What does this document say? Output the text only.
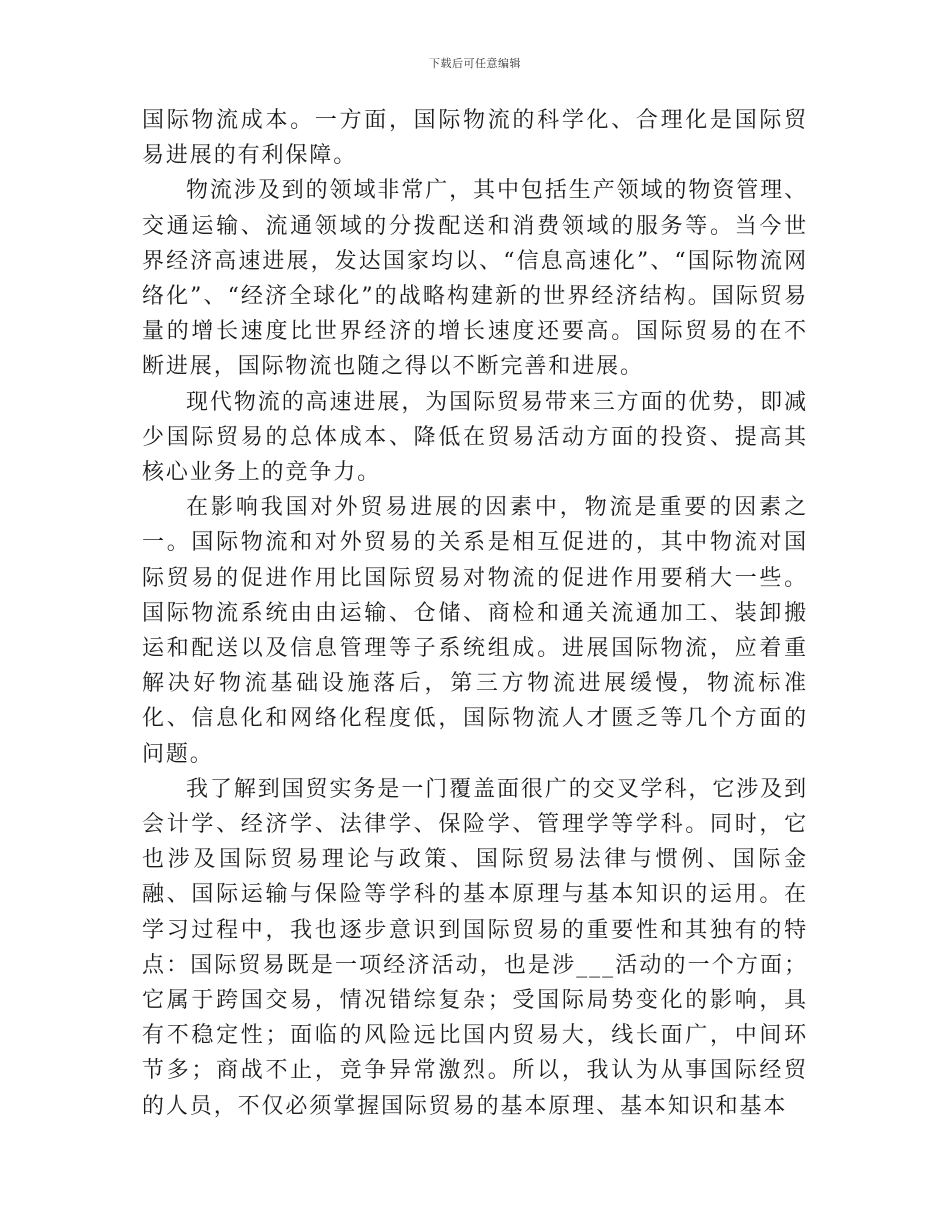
下载后可任意编辑

国际物流成本。一方面，国际物流的科学化、合理化是国际贸易进展的有利保障。

物流涉及到的领域非常广，其中包括生产领域的物资管理、交通运输、流通领域的分拨配送和消费领域的服务等。当今世界经济高速进展，发达国家均以、“信息高速化”、“国际物流网络化”、“经济全球化”的战略构建新的世界经济结构。国际贸易量的增长速度比世界经济的增长速度还要高。国际贸易的在不断进展，国际物流也随之得以不断完善和进展。

现代物流的高速进展，为国际贸易带来三方面的优势，即减少国际贸易的总体成本、降低在贸易活动方面的投资、提高其核心业务上的竞争力。

在影响我国对外贸易进展的因素中，物流是重要的因素之一。国际物流和对外贸易的关系是相互促进的，其中物流对国际贸易的促进作用比国际贸易对物流的促进作用要稍大一些。国际物流系统由由运输、仓储、商检和通关流通加工、装卸搬运和配送以及信息管理等子系统组成。进展国际物流，应着重解决好物流基础设施落后，第三方物流进展缓慢，物流标准化、信息化和网络化程度低，国际物流人才匮乏等几个方面的问题。

我了解到国贸实务是一门覆盖面很广的交叉学科，它涉及到会计学、经济学、法律学、保险学、管理学等学科。同时，它也涉及国际贸易理论与政策、国际贸易法律与惯例、国际金融、国际运输与保险等学科的基本原理与基本知识的运用。在学习过程中，我也逐步意识到国际贸易的重要性和其独有的特点：国际贸易既是一项经济活动，也是涉___活动的一个方面；它属于跨国交易，情况错综复杂；受国际局势变化的影响，具有不稳定性；面临的风险远比国内贸易大，线长面广，中间环节多；商战不止，竞争异常激烈。所以，我认为从事国际经贸的人员，不仅必须掌握国际贸易的基本原理、基本知识和基本
